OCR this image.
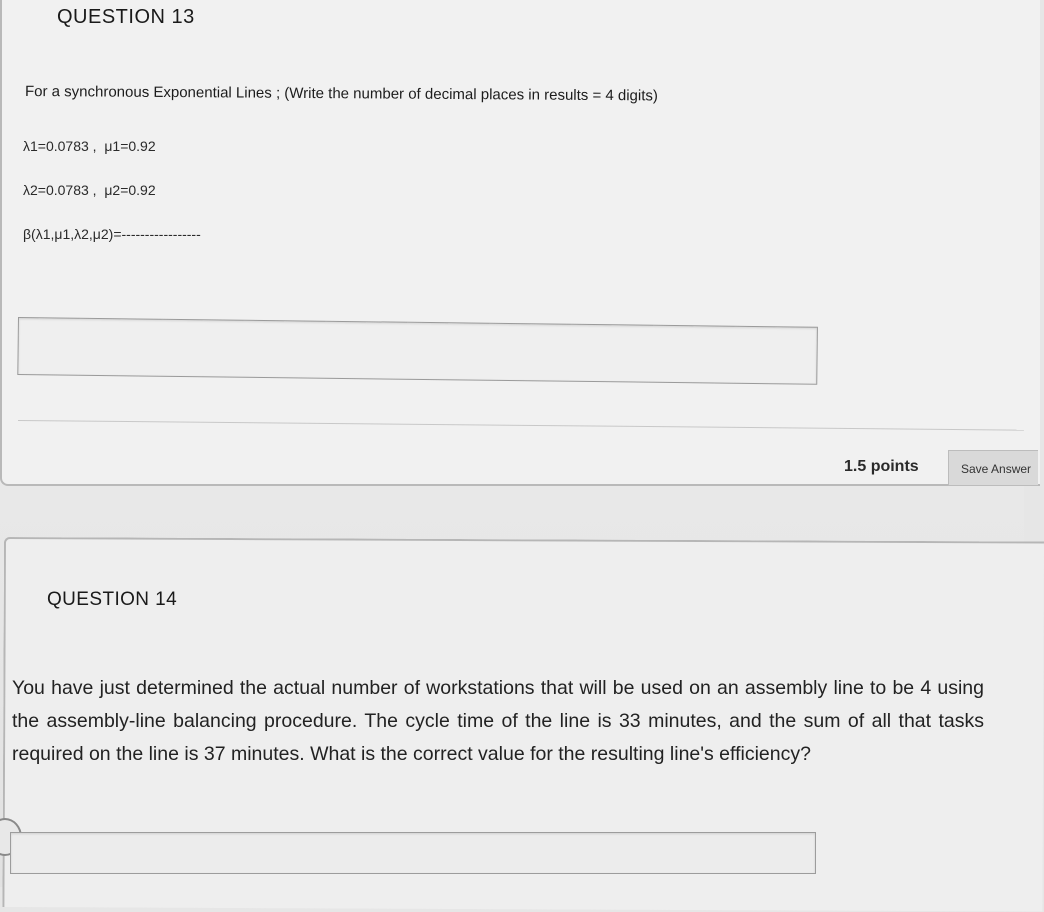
QUESTION 13
For a synchronous Exponential Lines ; (Write the number of decimal places in results = 4 digits)
λ1=0.0783 ,  μ1=0.92
λ2=0.0783 ,  μ2=0.92
β(λ1,μ1,λ2,μ2)=-----------------
1.5 points	Save Answer
QUESTION 14
You have just determined the actual number of workstations that will be used on an assembly line to be 4 using the assembly-line balancing procedure. The cycle time of the line is 33 minutes, and the sum of all that tasks required on the line is 37 minutes. What is the correct value for the resulting line's efficiency?
